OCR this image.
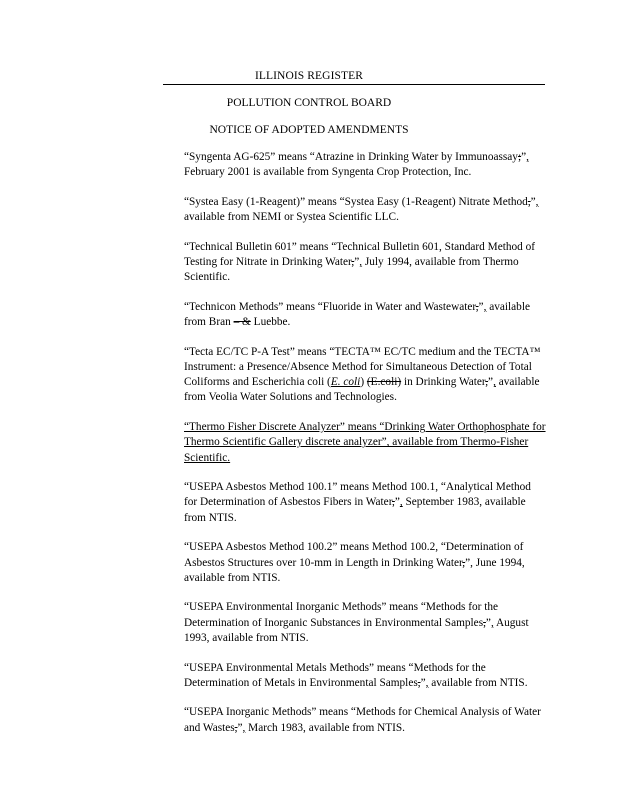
ILLINOIS REGISTER
POLLUTION CONTROL BOARD
NOTICE OF ADOPTED AMENDMENTS

“Syngenta AG-625” means “Atrazine in Drinking Water by Immunoassay;”, February 2001 is available from Syngenta Crop Protection, Inc.

“Systea Easy (1-Reagent)” means “Systea Easy (1-Reagent) Nitrate Method,”, available from NEMI or Systea Scientific LLC.

“Technical Bulletin 601” means “Technical Bulletin 601, Standard Method of Testing for Nitrate in Drinking Water,”, July 1994, available from Thermo Scientific.

“Technicon Methods” means “Fluoride in Water and Wastewater,”, available from Bran – & Luebbe.

“Tecta EC/TC P-A Test” means “TECTA™ EC/TC medium and the TECTA™ Instrument: a Presence/Absence Method for Simultaneous Detection of Total Coliforms and Escherichia coli (E. coli) (E.coli) in Drinking Water,”, available from Veolia Water Solutions and Technologies.

“Thermo Fisher Discrete Analyzer” means “Drinking Water Orthophosphate for Thermo Scientific Gallery discrete analyzer”, available from Thermo-Fisher Scientific.

“USEPA Asbestos Method 100.1” means Method 100.1, “Analytical Method for Determination of Asbestos Fibers in Water,”, September 1983, available from NTIS.

“USEPA Asbestos Method 100.2” means Method 100.2, “Determination of Asbestos Structures over 10-mm in Length in Drinking Water,”, June 1994, available from NTIS.

“USEPA Environmental Inorganic Methods” means “Methods for the Determination of Inorganic Substances in Environmental Samples,”, August 1993, available from NTIS.

“USEPA Environmental Metals Methods” means “Methods for the Determination of Metals in Environmental Samples,”, available from NTIS.

“USEPA Inorganic Methods” means “Methods for Chemical Analysis of Water and Wastes,”, March 1983, available from NTIS.
